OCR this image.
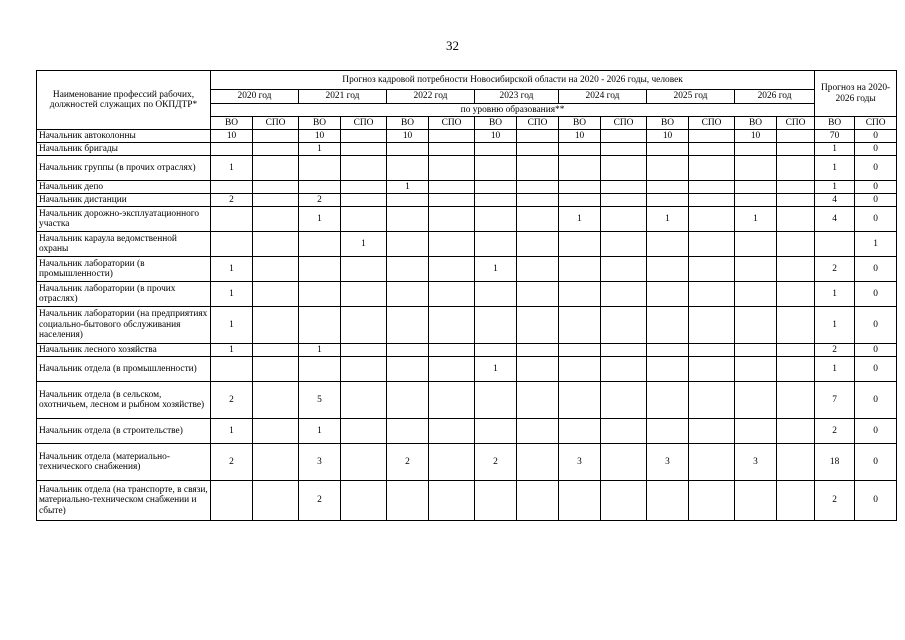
32
Наименование профессий рабочих, должностей служащих по ОКПДТР*	Прогноз кадровой потребности Новосибирской области на 2020 - 2026 годы, человек														Прогноз на 2020-2026 годы	
	2020 год		2021 год		2022 год		2023 год		2024 год		2025 год		2026 год			
	по уровню образования**															
	ВО	СПО	ВО	СПО	ВО	СПО	ВО	СПО	ВО	СПО	ВО	СПО	ВО	СПО	ВО	СПО
Начальник автоколонны	10		10		10		10		10		10		10		70	0
Начальник бригады			1												1	0
Начальник группы (в прочих отраслях)	1														1	0
Начальник депо					1										1	0
Начальник дистанции	2		2												4	0
Начальник дорожно-эксплуатационного участка			1						1		1		1		4	0
Начальник караула ведомственной охраны				1												1
Начальник лаборатории (в промышленности)	1						1								2	0
Начальник лаборатории (в прочих отраслях)	1														1	0
Начальник лаборатории (на предприятиях социально-бытового обслуживания населения)	1														1	0
Начальник лесного хозяйства	1		1												2	0
Начальник отдела (в промышленности)							1								1	0
Начальник отдела (в сельском, охотничьем, лесном и рыбном хозяйстве)	2		5												7	0
Начальник отдела (в строительстве)	1		1												2	0
Начальник отдела (материально-технического снабжения)	2		3		2		2		3		3		3		18	0
Начальник отдела (на транспорте, в связи, материально-техническом снабжении и сбыте)			2												2	0
